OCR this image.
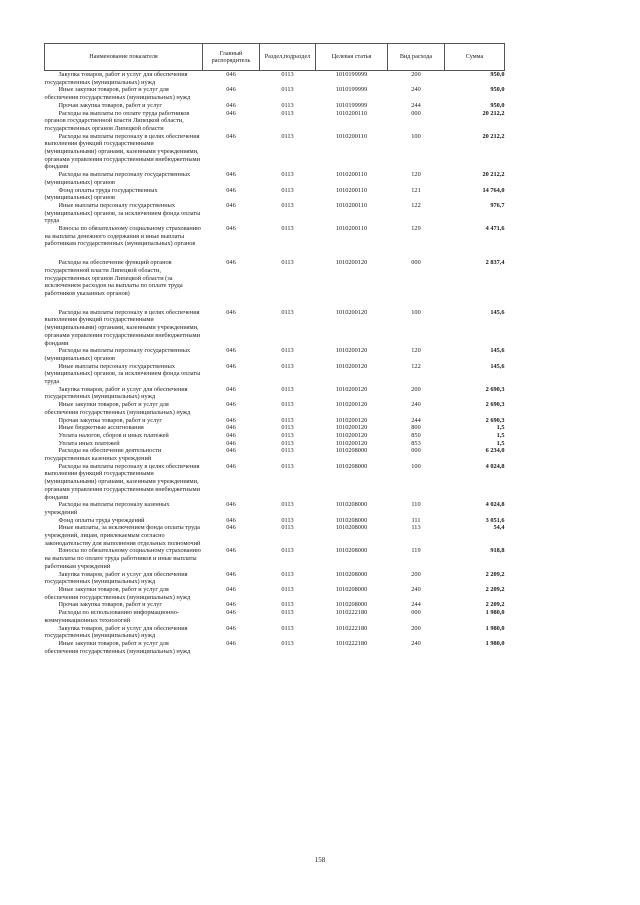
Наименование показателя	Главный распорядитель	Раздел,подраздел	Целевая статья	Вид расхода	Сумма
Закупка товаров, работ и услуг для обеспечения государственных (муниципальных) нужд	046	0113	1010199999	200	950,0
Иные закупки товаров, работ и услуг для обеспечения государственных (муниципальных) нужд	046	0113	1010199999	240	950,0
Прочая закупка товаров, работ и услуг	046	0113	1010199999	244	950,0
Расходы на выплаты по оплате труда работников органов государственной власти Липецкой области, государственных органов Липецкой области	046	0113	1010200110	000	20 212,2
Расходы на выплаты персоналу в целях обеспечения выполнения функций государственными (муниципальными) органами, казенными учреждениями, органами управления государственными внебюджетными фондами	046	0113	1010200110	100	20 212,2
Расходы на выплаты персоналу государственных (муниципальных) органов	046	0113	1010200110	120	20 212,2
Фонд оплаты труда государственных (муниципальных) органов	046	0113	1010200110	121	14 764,0
Иные выплаты персоналу государственных (муниципальных) органов, за исключением фонда оплаты труда	046	0113	1010200110	122	976,7
Взносы по обязательному социальному страхованию на выплаты денежного содержания и иные выплаты работникам государственных (муниципальных) органов	046	0113	1010200110	129	4 471,6

Расходы на обеспечение функций органов государственной власти Липецкой области, государственных органов Липецкой области (за исключением расходов на выплаты по оплате труда работников указанных органов)	046	0113	1010200120	000	2 837,4

Расходы на выплаты персоналу в целях обеспечения выполнения функций государственными (муниципальными) органами, казенными учреждениями, органами управления государственными внебюджетными фондами	046	0113	1010200120	100	145,6
Расходы на выплаты персоналу государственных (муниципальных) органов	046	0113	1010200120	120	145,6
Иные выплаты персоналу государственных (муниципальных) органов, за исключением фонда оплаты труда	046	0113	1010200120	122	145,6
Закупка товаров, работ и услуг для обеспечения государственных (муниципальных) нужд	046	0113	1010200120	200	2 690,3
Иные закупки товаров, работ и услуг для обеспечения государственных (муниципальных) нужд	046	0113	1010200120	240	2 690,3
Прочая закупка товаров, работ и услуг	046	0113	1010200120	244	2 690,3
Иные бюджетные ассигнования	046	0113	1010200120	800	1,5
Уплата налогов, сборов и иных платежей	046	0113	1010200120	850	1,5
Уплата иных платежей	046	0113	1010200120	853	1,5
Расходы на обеспечение деятельности государственных казенных учреждений	046	0113	1010208000	000	6 234,0
Расходы на выплаты персоналу в целях обеспечения выполнения функций государственными (муниципальными) органами, казенными учреждениями, органами управления государственными внебюджетными фондами	046	0113	1010208000	100	4 024,8
Расходы на выплаты персоналу казенных учреждений	046	0113	1010208000	110	4 024,8
Фонд оплаты труда учреждений	046	0113	1010208000	111	3 051,6
Иные выплаты, за исключением фонда оплаты труда учреждений, лицам, привлекаемым согласно законодательству для выполнения отдельных полномочий	046	0113	1010208000	113	54,4
Взносы по обязательному социальному страхованию на выплаты по оплате труда работников и иные выплаты работникам учреждений	046	0113	1010208000	119	918,8
Закупка товаров, работ и услуг для обеспечения государственных (муниципальных) нужд	046	0113	1010208000	200	2 209,2
Иные закупки товаров, работ и услуг для обеспечения государственных (муниципальных) нужд	046	0113	1010208000	240	2 209,2
Прочая закупка товаров, работ и услуг	046	0113	1010208000	244	2 209,2
Расходы по использованию информационно-коммуникационных технологий	046	0113	1010222180	000	1 980,0
Закупка товаров, работ и услуг для обеспечения государственных (муниципальных) нужд	046	0113	1010222180	200	1 980,0
Иные закупки товаров, работ и услуг для обеспечения государственных (муниципальных) нужд	046	0113	1010222180	240	1 980,0
158
